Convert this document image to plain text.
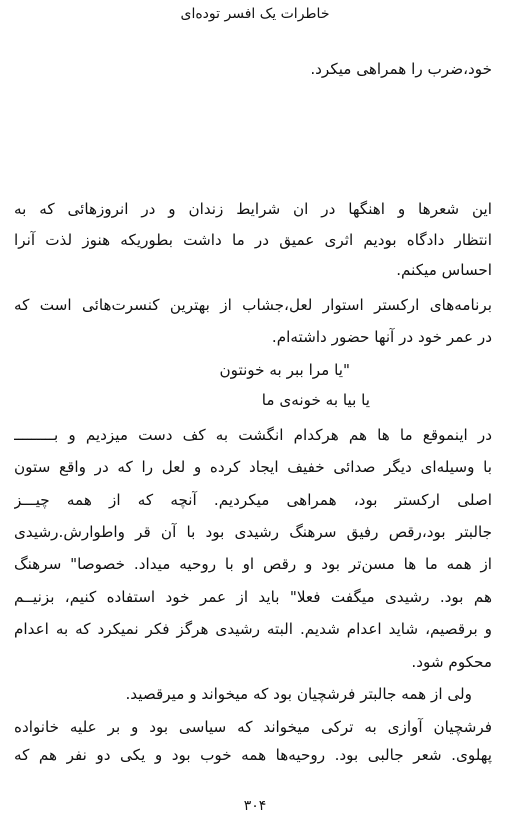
خاطرات یک افسر توده‌ای
خود،ضرب را همراهی میکرد.
این شعرها و اهنگها در ان شرایط زندان و در انروزهائی که به
انتظار دادگاه بودیم اثری عمیق در ما داشت بطوریکه هنوز لذت آنرا
احساس میکنم.
برنامه‌های ارکستر استوار لعل،جشاب از بهترین کنسرت‌هائی است که
در عمر خود در آنها حضور داشته‌ام.
"یا مرا ببر به خونتون
یا بیا به خونه‌ی ما
در اینموقع ما ها هم هرکدام انگشت به کف دست میزدیم و بـــــــــ
با وسیله‌ای دیگر صدائی خفیف ایجاد کرده و لعل را که در واقع ستون
اصلی ارکستر بود، همراهی میکردیم. آنچه که از همه چیـــز
جالبتر بود،رقص رفیق سرهنگ رشیدی بود با آن قر واطوارش.رشیدی
از همه ما ها مسن‌تر بود و رقص او با روحیه میداد. خصوصا" سرهنگ
هم بود. رشیدی میگفت فعلا" باید از عمر خود استفاده کنیم، بزنیــم
و برقصیم، شاید اعدام شدیم. البته رشیدی هرگز فکر نمیکرد که به اعدام
محکوم شود.
ولی از همه جالبتر فرشچیان بود که میخواند و میرقصید.
فرشچیان آوازی به ترکی میخواند که سیاسی بود و بر علیه خانواده
پهلوی. شعر جالبی بود. روحیه‌ها همه خوب بود و یکی دو نفر هم که
۳۰۴
